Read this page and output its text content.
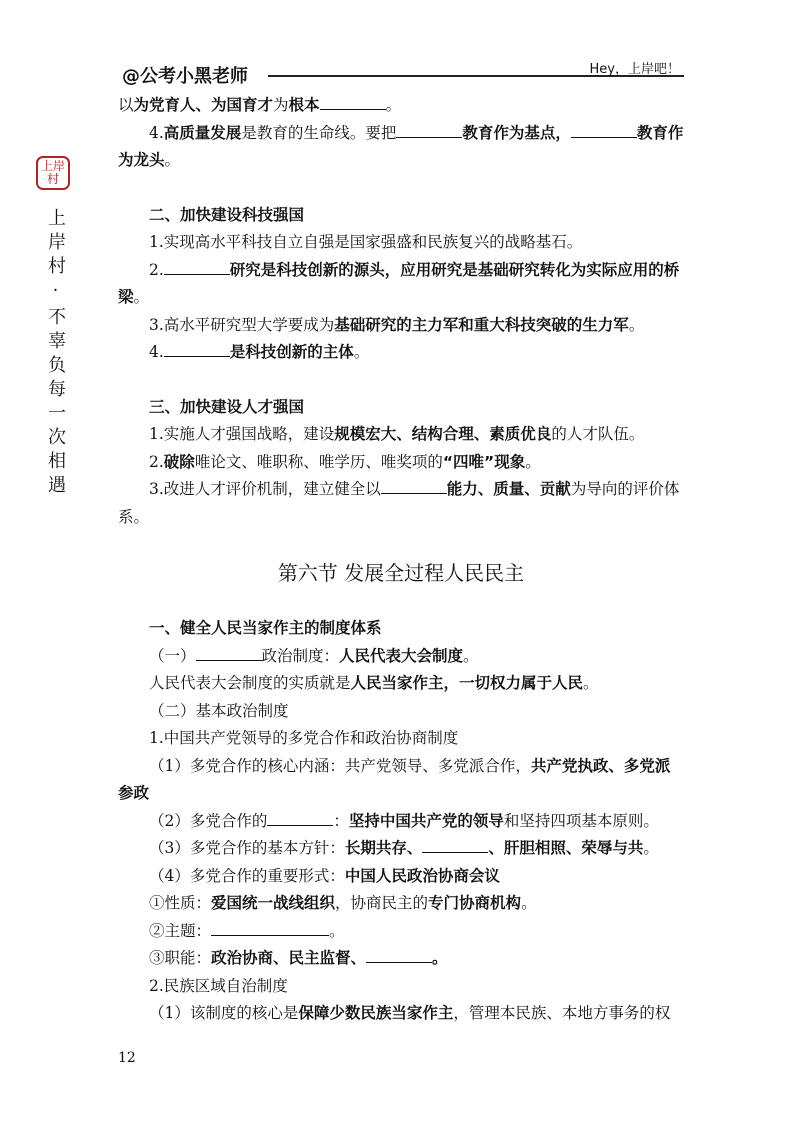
@公考小黑老师	Hey，上岸吧！
上岸
村
上岸村·不辜负每一次相遇

以为党育人、为国育才为根本	。

4.高质量发展是教育的生命线。要把	教育作为基点，	教育作为龙头。

二、加快建设科技强国

1.实现高水平科技自立自强是国家强盛和民族复兴的战略基石。

2.	研究是科技创新的源头，应用研究是基础研究转化为实际应用的桥梁。

3.高水平研究型大学要成为基础研究的主力军和重大科技突破的生力军。

4.	是科技创新的主体。

三、加快建设人才强国

1.实施人才强国战略，建设规模宏大、结构合理、素质优良的人才队伍。

2.破除唯论文、唯职称、唯学历、唯奖项的“四唯”现象。

3.改进人才评价机制，建立健全以	能力、质量、贡献为导向的评价体系。

第六节 发展全过程人民民主

一、健全人民当家作主的制度体系

（一）	政治制度：人民代表大会制度。

人民代表大会制度的实质就是人民当家作主，一切权力属于人民。

（二）基本政治制度

1.中国共产党领导的多党合作和政治协商制度

（1）多党合作的核心内涵：共产党领导、多党派合作，共产党执政、多党派参政

（2）多党合作的	：坚持中国共产党的领导和坚持四项基本原则。

（3）多党合作的基本方针：长期共存、	、肝胆相照、荣辱与共。

（4）多党合作的重要形式：中国人民政治协商会议

①性质：爱国统一战线组织，协商民主的专门协商机构。

②主题：	。

③职能：政治协商、民主监督、	。

2.民族区域自治制度

（1）该制度的核心是保障少数民族当家作主，管理本民族、本地方事务的权

12
